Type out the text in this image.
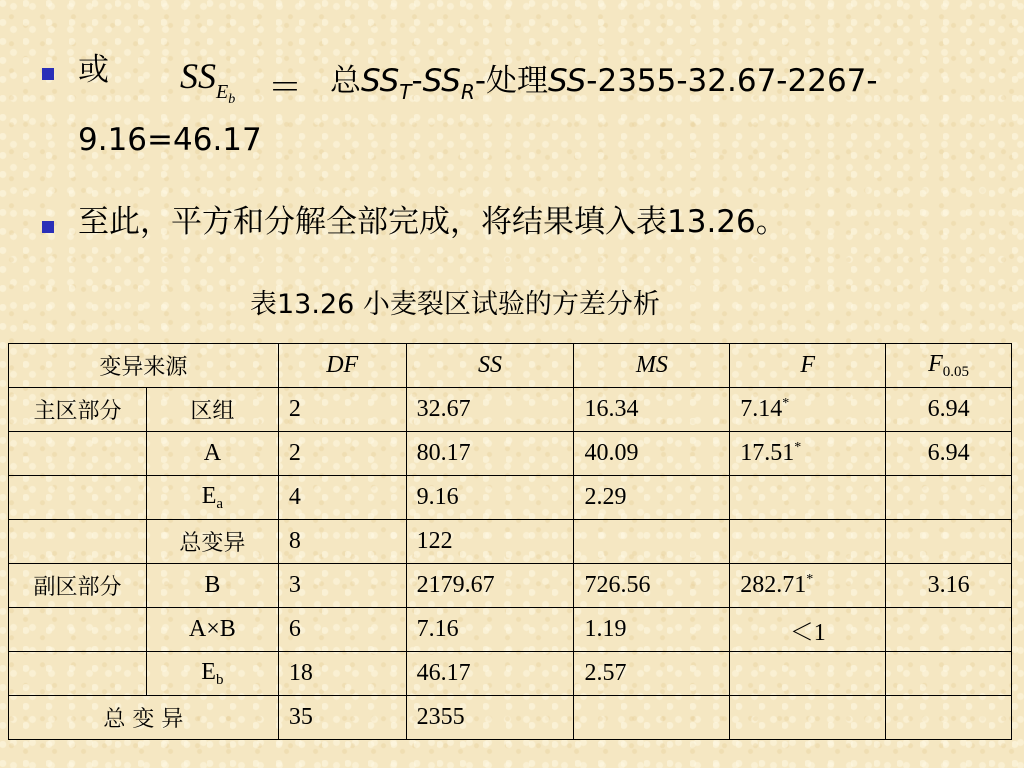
或 $SS_{E_b}$ ＝ 总$SS_T-SS_R-$处理SS-2355-32.67-2267-
9.16=46.17
至此，平方和分解全部完成，将结果填入表13.26。
表13.26 小麦裂区试验的方差分析
变异来源		DF	SS	MS	F	$F_{0.05}$
主区部分	区组	2	32.67	16.34	7.14*	6.94
	A	2	80.17	40.09	17.51*	6.94
	$E_a$	4	9.16	2.29		
	总变异	8	122			
副区部分	B	3	2179.67	726.56	282.71*	3.16
	A×B	6	7.16	1.19	＜1	
	$E_b$	18	46.17	2.57		
总 变 异		35	2355			
